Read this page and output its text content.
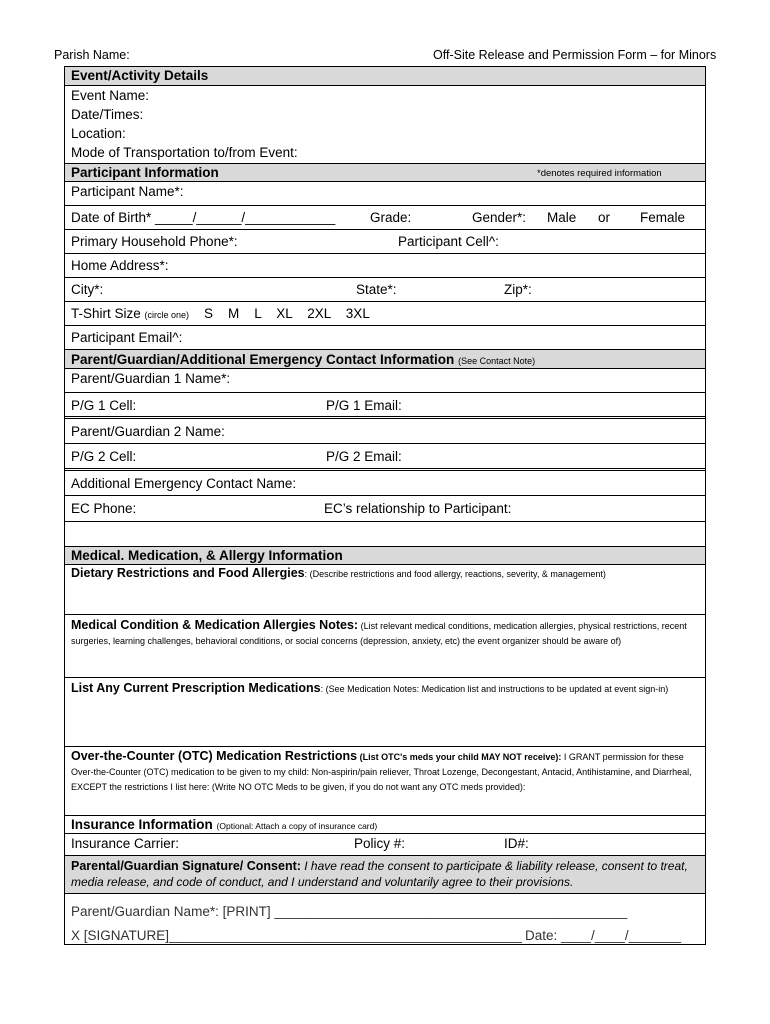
Parish Name:	Off-Site Release and Permission Form – for Minors
Event/Activity Details
Event Name:
Date/Times:
Location:
Mode of Transportation to/from Event:
Participant Information	*denotes required information
Participant Name*:
Date of Birth* _____/______/____________	Grade:	Gender*: Male or Female
Primary Household Phone*:	Participant Cell^:
Home Address*:
City*:	State*:	Zip*:
T-Shirt Size (circle one) S    M    L    XL    2XL    3XL
Participant Email^:
Parent/Guardian/Additional Emergency Contact Information (See Contact Note)
Parent/Guardian 1 Name*:
P/G 1 Cell:	P/G 1 Email:
Parent/Guardian 2 Name:
P/G 2 Cell:	P/G 2 Email:
Additional Emergency Contact Name:
EC Phone:	EC’s relationship to Participant:
Medical. Medication, & Allergy Information
Dietary Restrictions and Food Allergies: (Describe restrictions and food allergy, reactions, severity, & management)
Medical Condition & Medication Allergies Notes: (List relevant medical conditions, medication allergies, physical restrictions, recent surgeries, learning challenges, behavioral conditions, or social concerns (depression, anxiety, etc) the event organizer should be aware of)
List Any Current Prescription Medications: (See Medication Notes: Medication list and instructions to be updated at event sign-in)
Over-the-Counter (OTC) Medication Restrictions (List OTC's meds your child MAY NOT receive): I GRANT permission for these Over-the-Counter (OTC) medication to be given to my child: Non-aspirin/pain reliever, Throat Lozenge, Decongestant, Antacid, Antihistamine, and Diarrheal, EXCEPT the restrictions I list here: (Write NO OTC Meds to be given, if you do not want any OTC meds provided):
Insurance Information (Optional: Attach a copy of insurance card)
Insurance Carrier:	Policy #:	ID#:
Parental/Guardian Signature/ Consent: I have read the consent to participate & liability release, consent to treat, media release, and code of conduct, and I understand and voluntarily agree to their provisions.
Parent/Guardian Name*: [PRINT] _______________________________________________
X [SIGNATURE]_______________________________________________ Date: ____/____/_______
